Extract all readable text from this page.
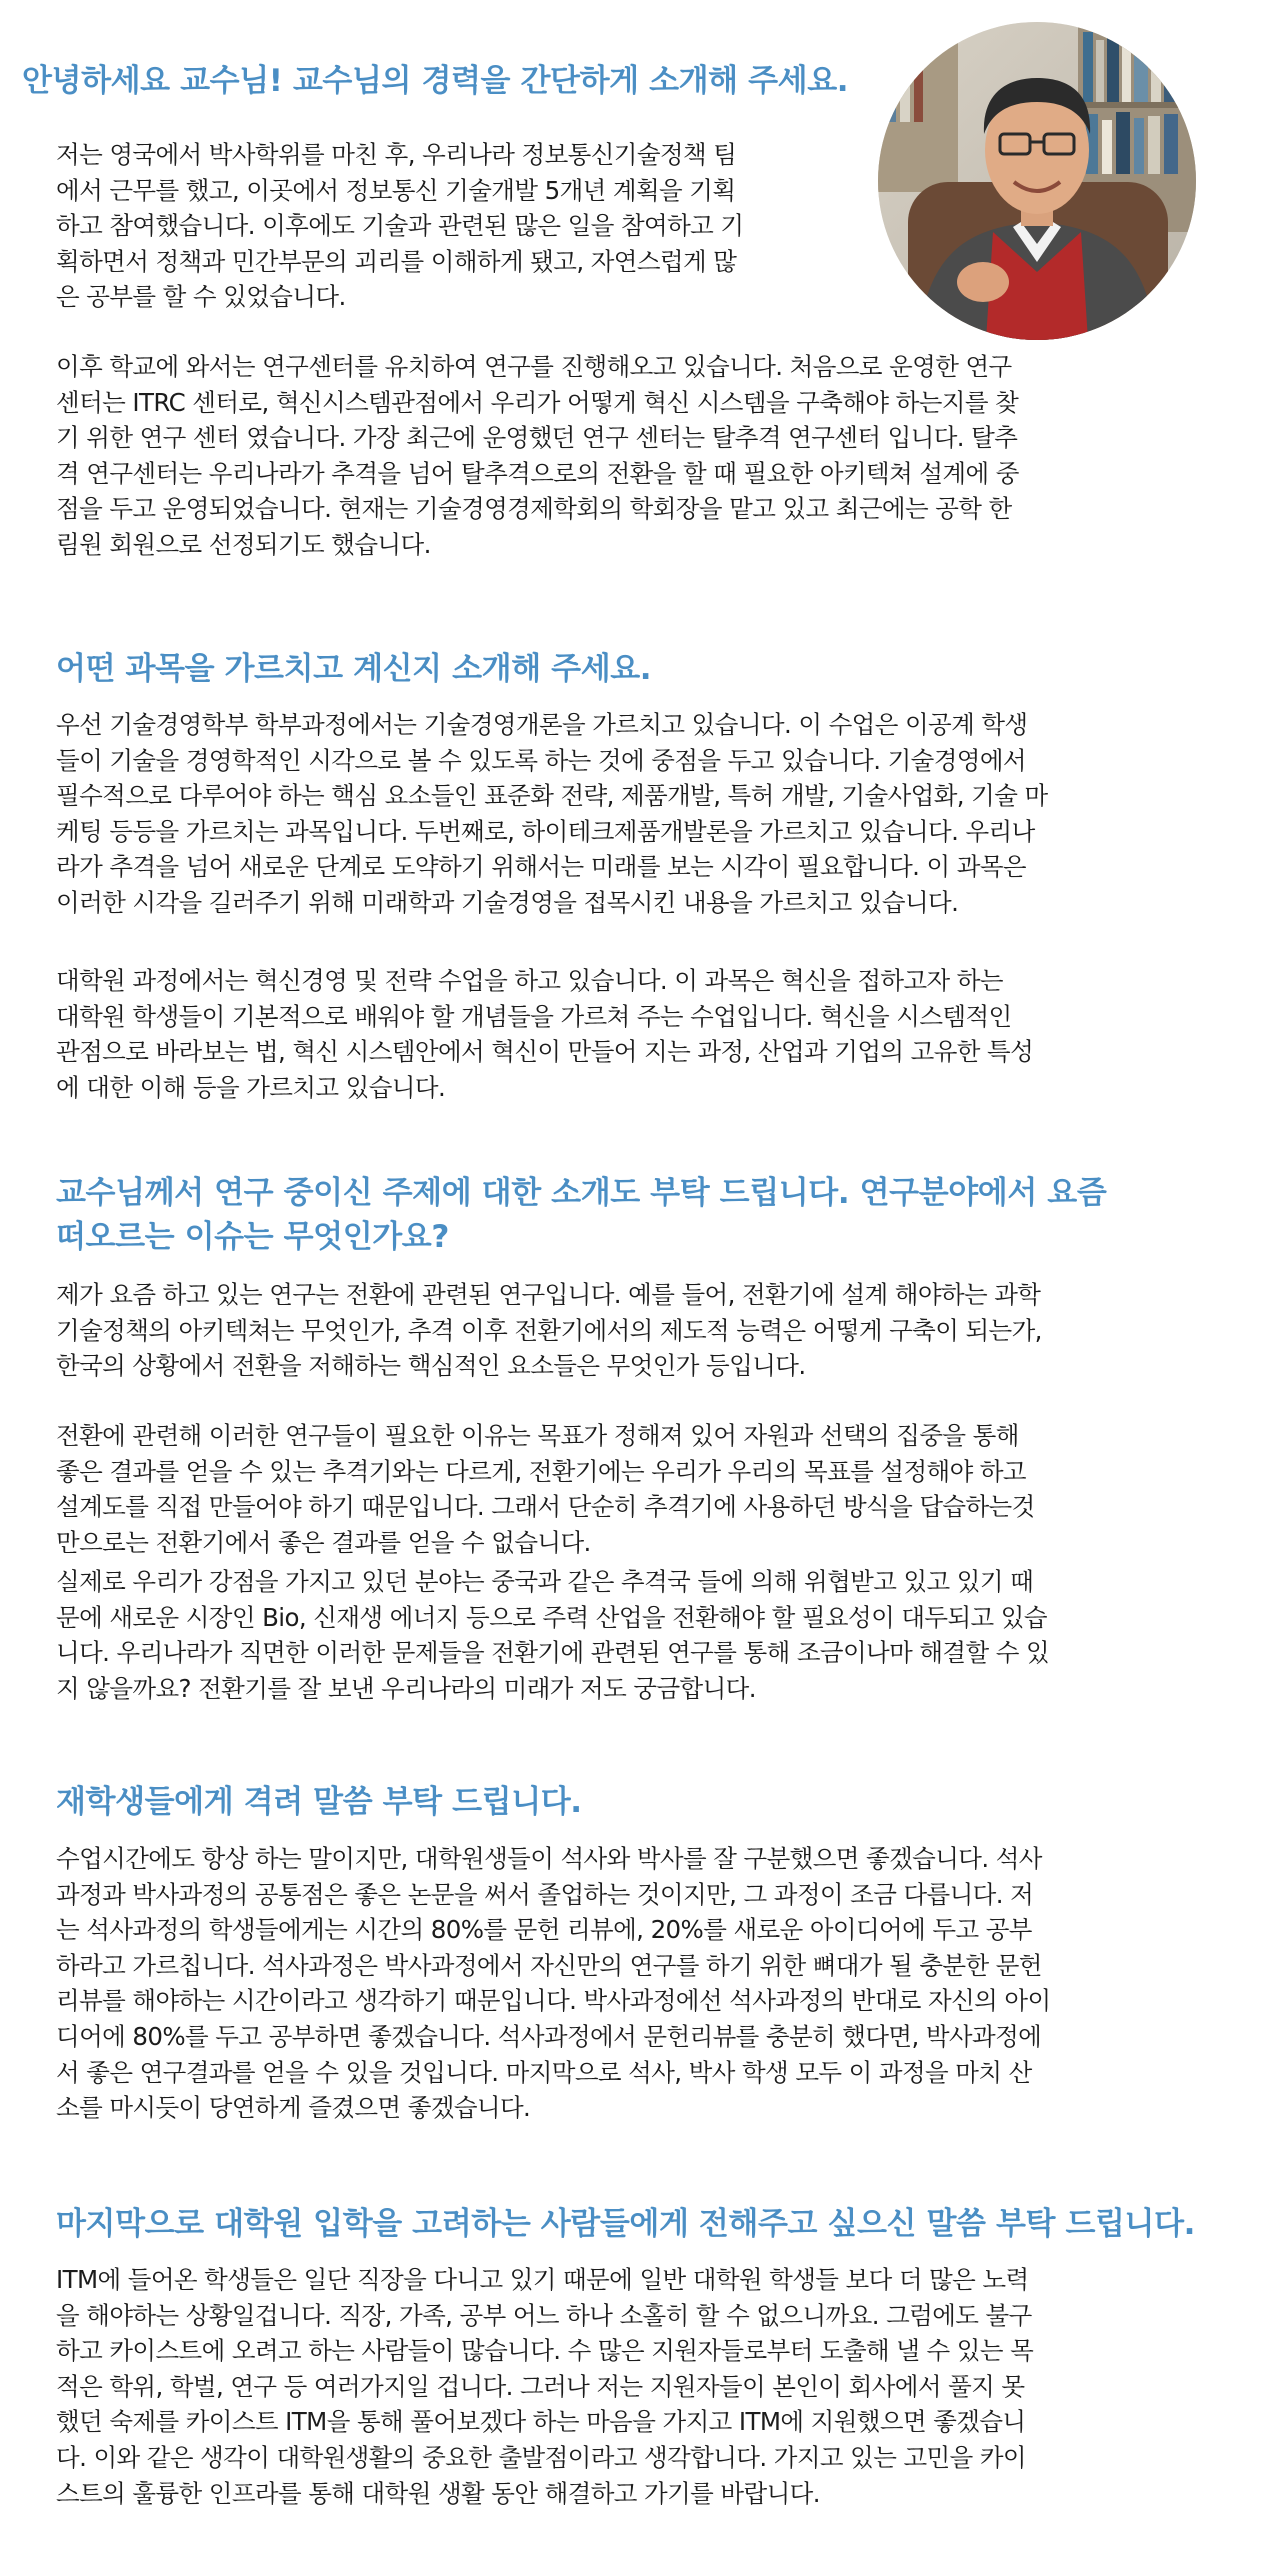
안녕하세요 교수님! 교수님의 경력을 간단하게 소개해 주세요.
저는 영국에서 박사학위를 마친 후, 우리나라 정보통신기술정책 팀
에서 근무를 했고, 이곳에서 정보통신 기술개발 5개년 계획을 기획
하고 참여했습니다. 이후에도 기술과 관련된 많은 일을 참여하고 기
획하면서 정책과 민간부문의 괴리를 이해하게 됐고, 자연스럽게 많
은 공부를 할 수 있었습니다.
이후 학교에 와서는 연구센터를 유치하여 연구를 진행해오고 있습니다. 처음으로 운영한 연구
센터는 ITRC 센터로, 혁신시스템관점에서 우리가 어떻게 혁신 시스템을 구축해야 하는지를 찾
기 위한 연구 센터 였습니다. 가장 최근에 운영했던 연구 센터는 탈추격 연구센터 입니다. 탈추
격 연구센터는 우리나라가 추격을 넘어 탈추격으로의 전환을 할 때 필요한 아키텍쳐 설계에 중
점을 두고 운영되었습니다. 현재는 기술경영경제학회의 학회장을 맡고 있고 최근에는 공학 한
림원 회원으로 선정되기도 했습니다.
어떤 과목을 가르치고 계신지 소개해 주세요.
우선 기술경영학부 학부과정에서는 기술경영개론을 가르치고 있습니다. 이 수업은 이공계 학생
들이 기술을 경영학적인 시각으로 볼 수 있도록 하는 것에 중점을 두고 있습니다. 기술경영에서
필수적으로 다루어야 하는 핵심 요소들인 표준화 전략, 제품개발, 특허 개발, 기술사업화, 기술 마
케팅 등등을 가르치는 과목입니다. 두번째로, 하이테크제품개발론을 가르치고 있습니다. 우리나
라가 추격을 넘어 새로운 단계로 도약하기 위해서는 미래를 보는 시각이 필요합니다. 이 과목은
이러한 시각을 길러주기 위해 미래학과 기술경영을 접목시킨 내용을 가르치고 있습니다.
대학원 과정에서는 혁신경영 및 전략 수업을 하고 있습니다. 이 과목은 혁신을 접하고자 하는
대학원 학생들이 기본적으로 배워야 할 개념들을 가르쳐 주는 수업입니다. 혁신을 시스템적인
관점으로 바라보는 법, 혁신 시스템안에서 혁신이 만들어 지는 과정, 산업과 기업의 고유한 특성
에 대한 이해 등을 가르치고 있습니다.
교수님께서 연구 중이신 주제에 대한 소개도 부탁 드립니다. 연구분야에서 요즘
떠오르는 이슈는 무엇인가요?
제가 요즘 하고 있는 연구는 전환에 관련된 연구입니다. 예를 들어, 전환기에 설계 해야하는 과학
기술정책의 아키텍쳐는 무엇인가, 추격 이후 전환기에서의 제도적 능력은 어떻게 구축이 되는가,
한국의 상황에서 전환을 저해하는 핵심적인 요소들은 무엇인가 등입니다.
전환에 관련해 이러한 연구들이 필요한 이유는 목표가 정해져 있어 자원과 선택의 집중을 통해
좋은 결과를 얻을 수 있는 추격기와는 다르게, 전환기에는 우리가 우리의 목표를 설정해야 하고
설계도를 직접 만들어야 하기 때문입니다. 그래서 단순히 추격기에 사용하던 방식을 답습하는것
만으로는 전환기에서 좋은 결과를 얻을 수 없습니다.
실제로 우리가 강점을 가지고 있던 분야는 중국과 같은 추격국 들에 의해 위협받고 있고 있기 때
문에 새로운 시장인 Bio, 신재생 에너지 등으로 주력 산업을 전환해야 할 필요성이 대두되고 있습
니다. 우리나라가 직면한 이러한 문제들을 전환기에 관련된 연구를 통해 조금이나마 해결할 수 있
지 않을까요? 전환기를 잘 보낸 우리나라의 미래가 저도 궁금합니다.
재학생들에게 격려 말씀 부탁 드립니다.
수업시간에도 항상 하는 말이지만, 대학원생들이 석사와 박사를 잘 구분했으면 좋겠습니다. 석사
과정과 박사과정의 공통점은 좋은 논문을 써서 졸업하는 것이지만, 그 과정이 조금 다릅니다. 저
는 석사과정의 학생들에게는 시간의 80%를 문헌 리뷰에, 20%를 새로운 아이디어에 두고 공부
하라고 가르칩니다. 석사과정은 박사과정에서 자신만의 연구를 하기 위한 뼈대가 될 충분한 문헌
리뷰를 해야하는 시간이라고 생각하기 때문입니다. 박사과정에선 석사과정의 반대로 자신의 아이
디어에 80%를 두고 공부하면 좋겠습니다. 석사과정에서 문헌리뷰를 충분히 했다면, 박사과정에
서 좋은 연구결과를 얻을 수 있을 것입니다. 마지막으로 석사, 박사 학생 모두 이 과정을 마치 산
소를 마시듯이 당연하게 즐겼으면 좋겠습니다.
마지막으로 대학원 입학을 고려하는 사람들에게 전해주고 싶으신 말씀 부탁 드립니다.
ITM에 들어온 학생들은 일단 직장을 다니고 있기 때문에 일반 대학원 학생들 보다 더 많은 노력
을 해야하는 상황일겁니다. 직장, 가족, 공부 어느 하나 소홀히 할 수 없으니까요. 그럼에도 불구
하고 카이스트에 오려고 하는 사람들이 많습니다. 수 많은 지원자들로부터 도출해 낼 수 있는 목
적은 학위, 학벌, 연구 등 여러가지일 겁니다. 그러나 저는 지원자들이 본인이 회사에서 풀지 못
했던 숙제를 카이스트 ITM을 통해 풀어보겠다 하는 마음을 가지고 ITM에 지원했으면 좋겠습니
다. 이와 같은 생각이 대학원생활의 중요한 출발점이라고 생각합니다. 가지고 있는 고민을 카이
스트의 훌륭한 인프라를 통해 대학원 생활 동안 해결하고 가기를 바랍니다.
